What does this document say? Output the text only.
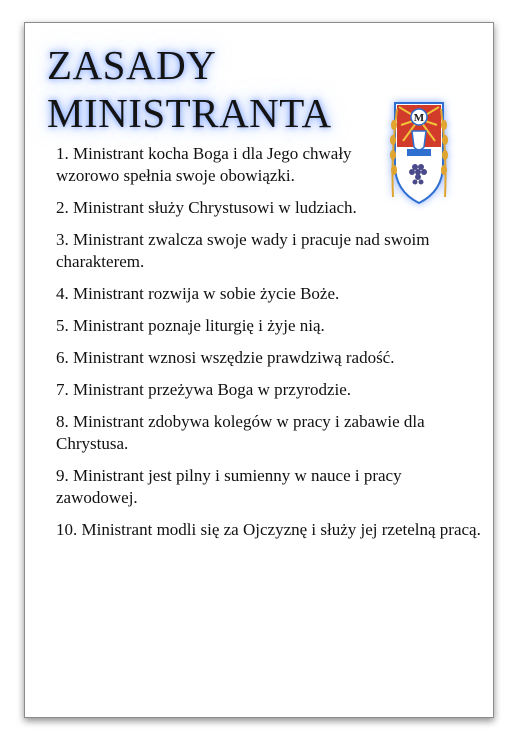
ZASADY
MINISTRANTA	M
1. Ministrant kocha Boga i dla Jego chwały wzorowo spełnia swoje obowiązki.
2. Ministrant służy Chrystusowi w ludziach.
3. Ministrant zwalcza swoje wady i pracuje nad swoim charakterem.
4. Ministrant rozwija w sobie życie Boże.
5. Ministrant poznaje liturgię i żyje nią.
6. Ministrant wznosi wszędzie prawdziwą radość.
7. Ministrant przeżywa Boga w przyrodzie.
8. Ministrant zdobywa kolegów w pracy i zabawie dla Chrystusa.
9. Ministrant jest pilny i sumienny w nauce i pracy zawodowej.
10. Ministrant modli się za Ojczyznę i służy jej rzetelną pracą.
